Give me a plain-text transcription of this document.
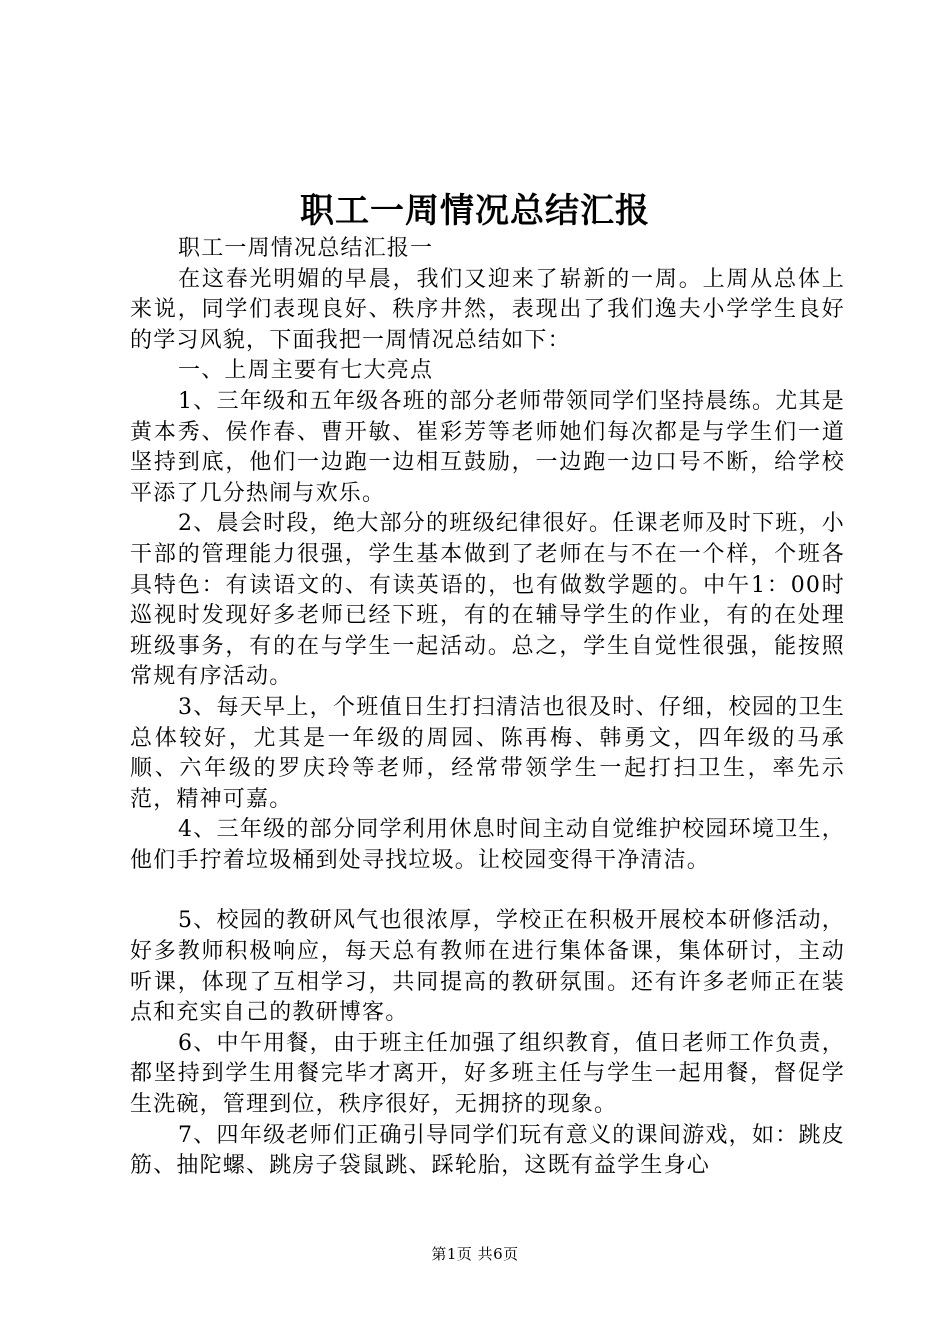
职工一周情况总结汇报

职工一周情况总结汇报一

在这春光明媚的早晨，我们又迎来了崭新的一周。上周从总体上来说，同学们表现良好、秩序井然，表现出了我们逸夫小学学生良好的学习风貌，下面我把一周情况总结如下：

一、上周主要有七大亮点

1、三年级和五年级各班的部分老师带领同学们坚持晨练。尤其是黄本秀、侯作春、曹开敏、崔彩芳等老师她们每次都是与学生们一道坚持到底，他们一边跑一边相互鼓励，一边跑一边口号不断，给学校平添了几分热闹与欢乐。

2、晨会时段，绝大部分的班级纪律很好。任课老师及时下班，小干部的管理能力很强，学生基本做到了老师在与不在一个样，个班各具特色：有读语文的、有读英语的，也有做数学题的。中午1：00时巡视时发现好多老师已经下班，有的在辅导学生的作业，有的在处理班级事务，有的在与学生一起活动。总之，学生自觉性很强，能按照常规有序活动。

3、每天早上，个班值日生打扫清洁也很及时、仔细，校园的卫生总体较好，尤其是一年级的周园、陈再梅、韩勇文，四年级的马承顺、六年级的罗庆玲等老师，经常带领学生一起打扫卫生，率先示范，精神可嘉。

4、三年级的部分同学利用休息时间主动自觉维护校园环境卫生，他们手拧着垃圾桶到处寻找垃圾。让校园变得干净清洁。

5、校园的教研风气也很浓厚，学校正在积极开展校本研修活动，好多教师积极响应，每天总有教师在进行集体备课，集体研讨，主动听课，体现了互相学习，共同提高的教研氛围。还有许多老师正在装点和充实自己的教研博客。

6、中午用餐，由于班主任加强了组织教育，值日老师工作负责，都坚持到学生用餐完毕才离开，好多班主任与学生一起用餐，督促学生洗碗，管理到位，秩序很好，无拥挤的现象。

7、四年级老师们正确引导同学们玩有意义的课间游戏，如：跳皮筋、抽陀螺、跳房子袋鼠跳、踩轮胎，这既有益学生身心

第1页 共6页
